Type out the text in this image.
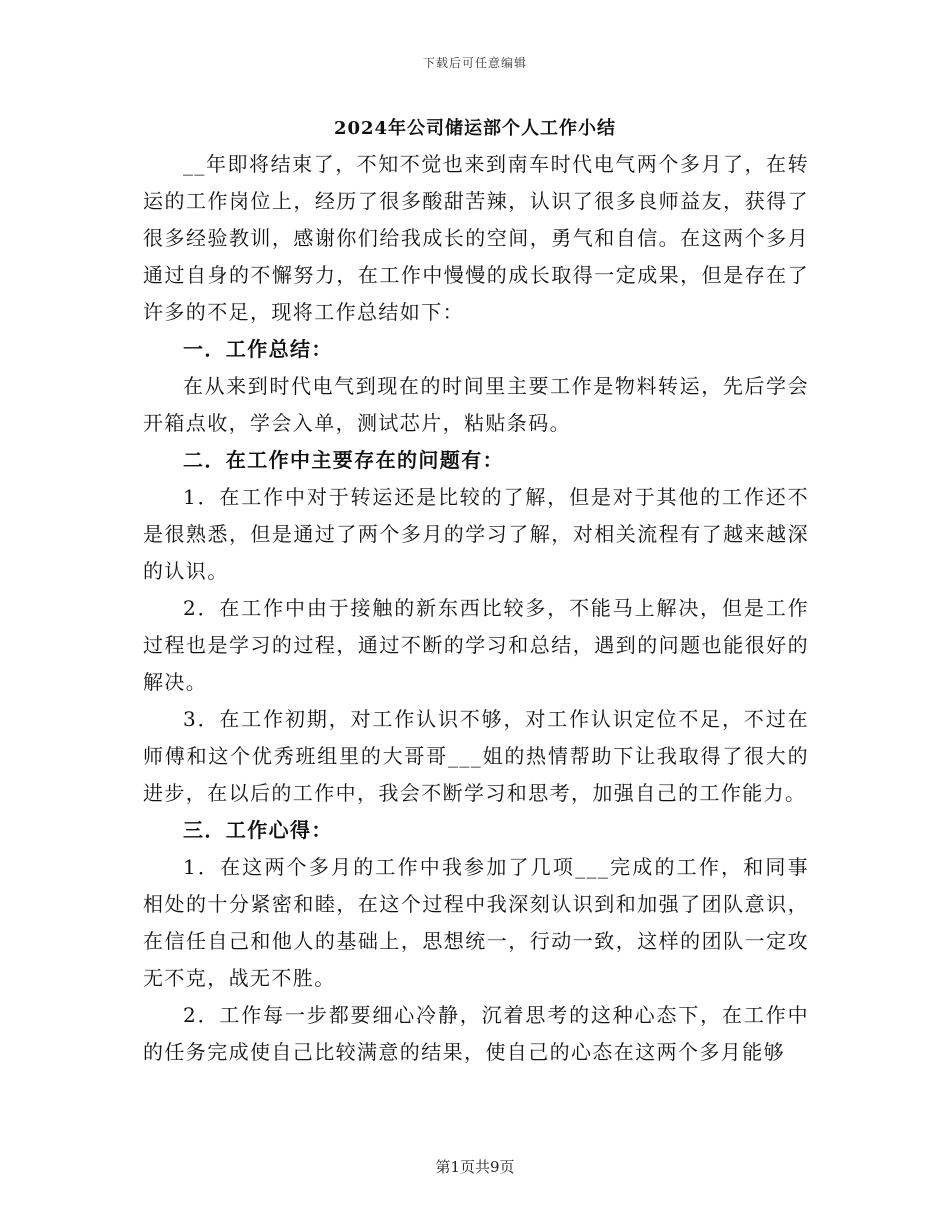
下载后可任意编辑
2024年公司储运部个人工作小结

__年即将结束了，不知不觉也来到南车时代电气两个多月了，在转运的工作岗位上，经历了很多酸甜苦辣，认识了很多良师益友，获得了很多经验教训，感谢你们给我成长的空间，勇气和自信。在这两个多月通过自身的不懈努力，在工作中慢慢的成长取得一定成果，但是存在了许多的不足，现将工作总结如下：

一．工作总结：

在从来到时代电气到现在的时间里主要工作是物料转运，先后学会开箱点收，学会入单，测试芯片，粘贴条码。

二．在工作中主要存在的问题有：

1．在工作中对于转运还是比较的了解，但是对于其他的工作还不是很熟悉，但是通过了两个多月的学习了解，对相关流程有了越来越深的认识。

2．在工作中由于接触的新东西比较多，不能马上解决，但是工作过程也是学习的过程，通过不断的学习和总结，遇到的问题也能很好的解决。

3．在工作初期，对工作认识不够，对工作认识定位不足，不过在师傅和这个优秀班组里的大哥哥___姐的热情帮助下让我取得了很大的进步，在以后的工作中，我会不断学习和思考，加强自己的工作能力。

三．工作心得：

1．在这两个多月的工作中我参加了几项___完成的工作，和同事相处的十分紧密和睦，在这个过程中我深刻认识到和加强了团队意识，在信任自己和他人的基础上，思想统一，行动一致，这样的团队一定攻无不克，战无不胜。

2．工作每一步都要细心冷静，沉着思考的这种心态下，在工作中的任务完成使自己比较满意的结果，使自己的心态在这两个多月能够

第1页共9页
